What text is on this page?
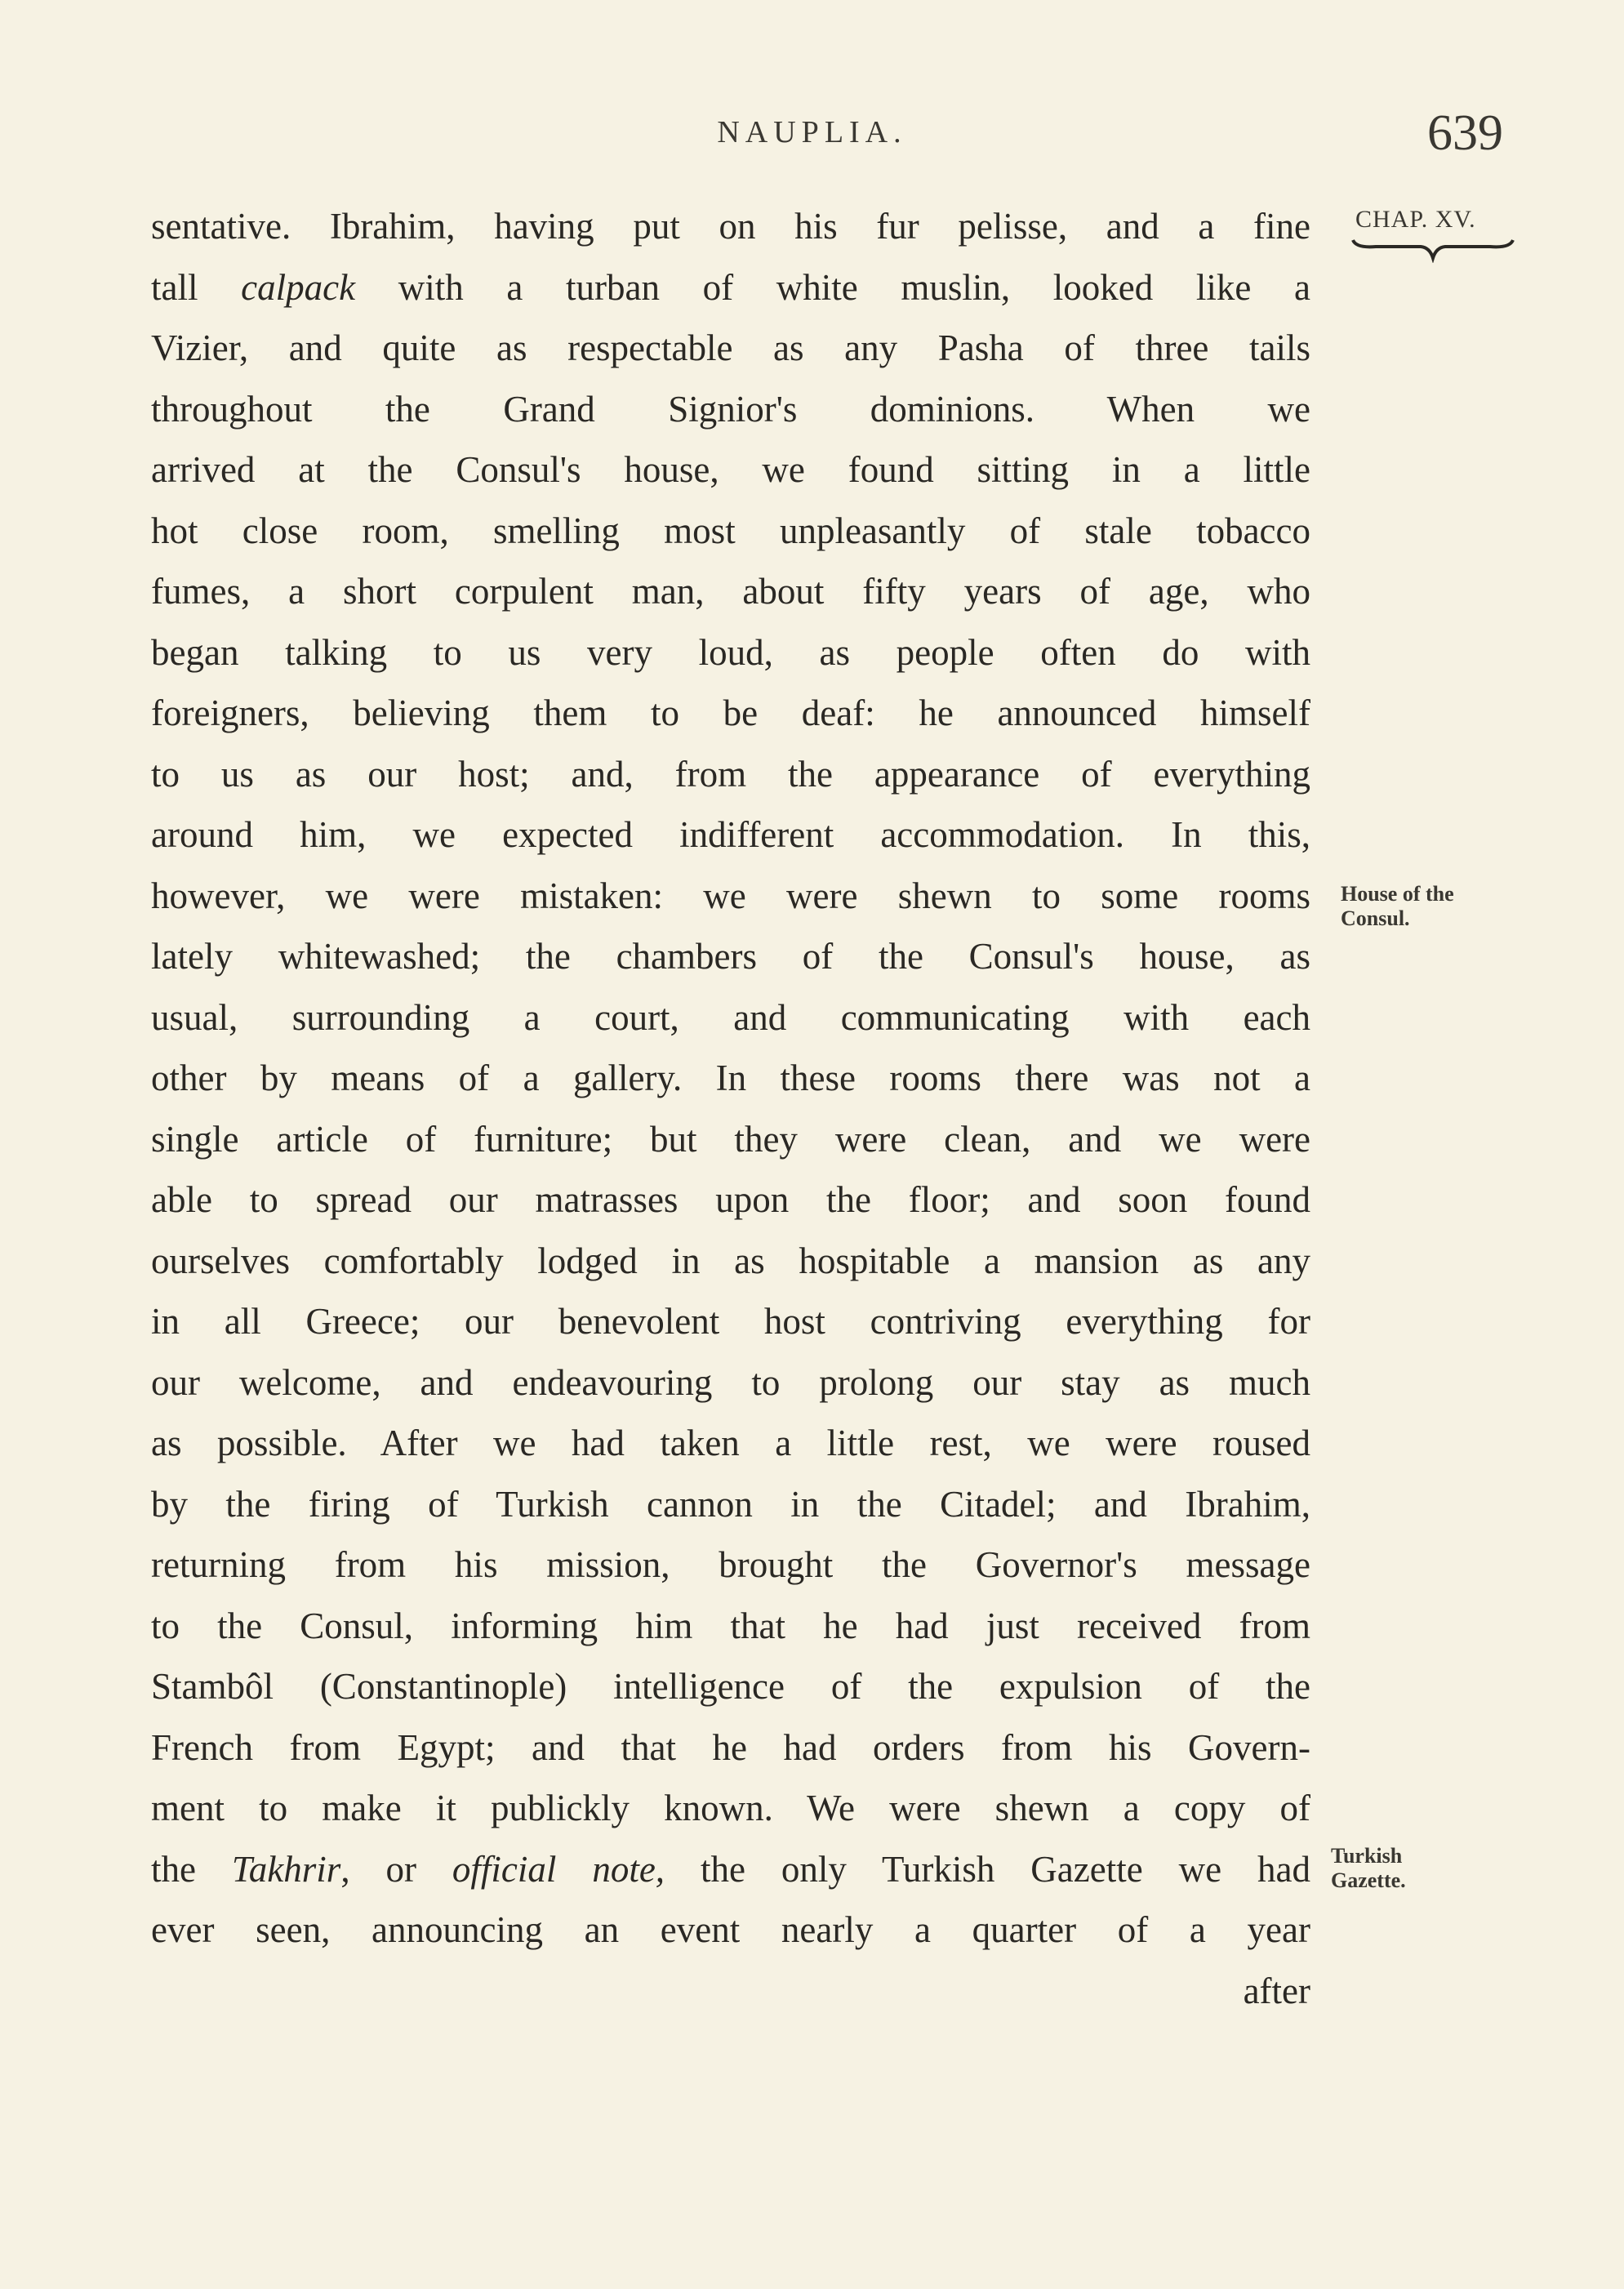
NAUPLIA.	639
CHAP. XV.
House of the
Consul.
Turkish
Gazette.
sentative. Ibrahim, having put on his fur pelisse, and a fine
tall calpack with a turban of white muslin, looked like a
Vizier, and quite as respectable as any Pasha of three tails
throughout the Grand Signior's dominions. When we
arrived at the Consul's house, we found sitting in a little
hot close room, smelling most unpleasantly of stale tobacco
fumes, a short corpulent man, about fifty years of age, who
began talking to us very loud, as people often do with
foreigners, believing them to be deaf: he announced himself
to us as our host; and, from the appearance of everything
around him, we expected indifferent accommodation. In this,
however, we were mistaken: we were shewn to some rooms
lately whitewashed; the chambers of the Consul's house, as
usual, surrounding a court, and communicating with each
other by means of a gallery. In these rooms there was not a
single article of furniture; but they were clean, and we were
able to spread our matrasses upon the floor; and soon found
ourselves comfortably lodged in as hospitable a mansion as any
in all Greece; our benevolent host contriving everything for
our welcome, and endeavouring to prolong our stay as much
as possible. After we had taken a little rest, we were roused
by the firing of Turkish cannon in the Citadel; and Ibrahim,
returning from his mission, brought the Governor's message
to the Consul, informing him that he had just received from
Stambôl (Constantinople) intelligence of the expulsion of the
French from Egypt; and that he had orders from his Govern-
ment to make it publickly known. We were shewn a copy of
the Takhrir, or official note, the only Turkish Gazette we had
ever seen, announcing an event nearly a quarter of a year
after
